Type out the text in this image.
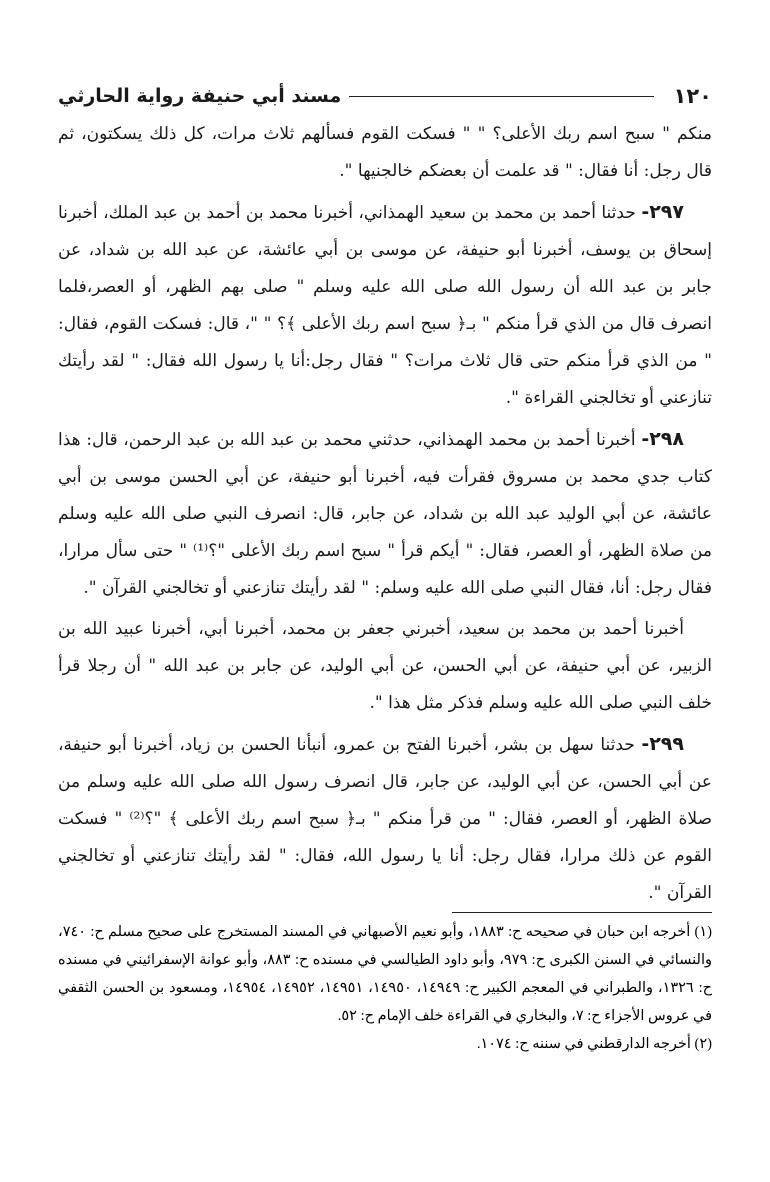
١٢٠
مسند أبي حنيفة رواية الحارثي

منكم " سبح اسم ربك الأعلى؟ " " فسكت القوم فسألهم ثلاث مرات، كل ذلك يسكتون، ثم قال رجل: أنا فقال: " قد علمت أن بعضكم خالجنيها ".

٢٩٧- حدثنا أحمد بن محمد بن سعيد الهمذاني، أخبرنا محمد بن أحمد بن عبد الملك، أخبرنا إسحاق بن يوسف، أخبرنا أبو حنيفة، عن موسى بن أبي عائشة، عن عبد الله بن شداد، عن جابر بن عبد الله أن رسول الله صلى الله عليه وسلم " صلى بهم الظهر، أو العصر،فلما انصرف قال من الذي قرأ منكم " بـ﴿ سبح اسم ربك الأعلى ﴾؟ " "، قال: فسكت القوم، فقال: " من الذي قرأ منكم حتى قال ثلاث مرات؟ " فقال رجل:أنا يا رسول الله فقال: " لقد رأيتك تنازعني أو تخالجني القراءة ".

٢٩٨- أخبرنا أحمد بن محمد الهمذاني، حدثني محمد بن عبد الله بن عبد الرحمن، قال: هذا كتاب جدي محمد بن مسروق فقرأت فيه، أخبرنا أبو حنيفة، عن أبي الحسن موسى بن أبي عائشة، عن أبي الوليد عبد الله بن شداد، عن جابر، قال: انصرف النبي صلى الله عليه وسلم من صلاة الظهر، أو العصر، فقال: " أيكم قرأ " سبح اسم ربك الأعلى "؟⁽¹⁾ " حتى سأل مرارا، فقال رجل: أنا، فقال النبي صلى الله عليه وسلم: " لقد رأيتك تنازعني أو تخالجني القرآن ".

أخبرنا أحمد بن محمد بن سعيد، أخبرني جعفر بن محمد، أخبرنا أبي، أخبرنا عبيد الله بن الزبير، عن أبي حنيفة، عن أبي الحسن، عن أبي الوليد، عن جابر بن عبد الله " أن رجلا قرأ خلف النبي صلى الله عليه وسلم فذكر مثل هذا ".

٢٩٩- حدثنا سهل بن بشر، أخبرنا الفتح بن عمرو، أنبأنا الحسن بن زياد، أخبرنا أبو حنيفة، عن أبي الحسن، عن أبي الوليد، عن جابر، قال انصرف رسول الله صلى الله عليه وسلم من صلاة الظهر، أو العصر، فقال: " من قرأ منكم " بـ﴿ سبح اسم ربك الأعلى ﴾ "؟⁽²⁾ " فسكت القوم عن ذلك مرارا، فقال رجل: أنا يا رسول الله، فقال: " لقد رأيتك تنازعني أو تخالجني القرآن ".

(١) أخرجه ابن حبان في صحيحه ح: ١٨٨٣، وأبو نعيم الأصبهاني في المسند المستخرج على صحيح مسلم ح: ٧٤٠، والنسائي في السنن الكبرى ح: ٩٧٩، وأبو داود الطيالسي في مسنده ح: ٨٨٣، وأبو عوانة الإسفرائيني في مسنده ح: ١٣٢٦، والطبراني في المعجم الكبير ح: ١٤٩٤٩، ١٤٩٥٠، ١٤٩٥١، ١٤٩٥٢، ١٤٩٥٤، ومسعود بن الحسن الثقفي في عروس الأجزاء ح: ٧، والبخاري في القراءة خلف الإمام ح: ٥٢.

(٢) أخرجه الدارقطني في سننه ح: ١٠٧٤.
